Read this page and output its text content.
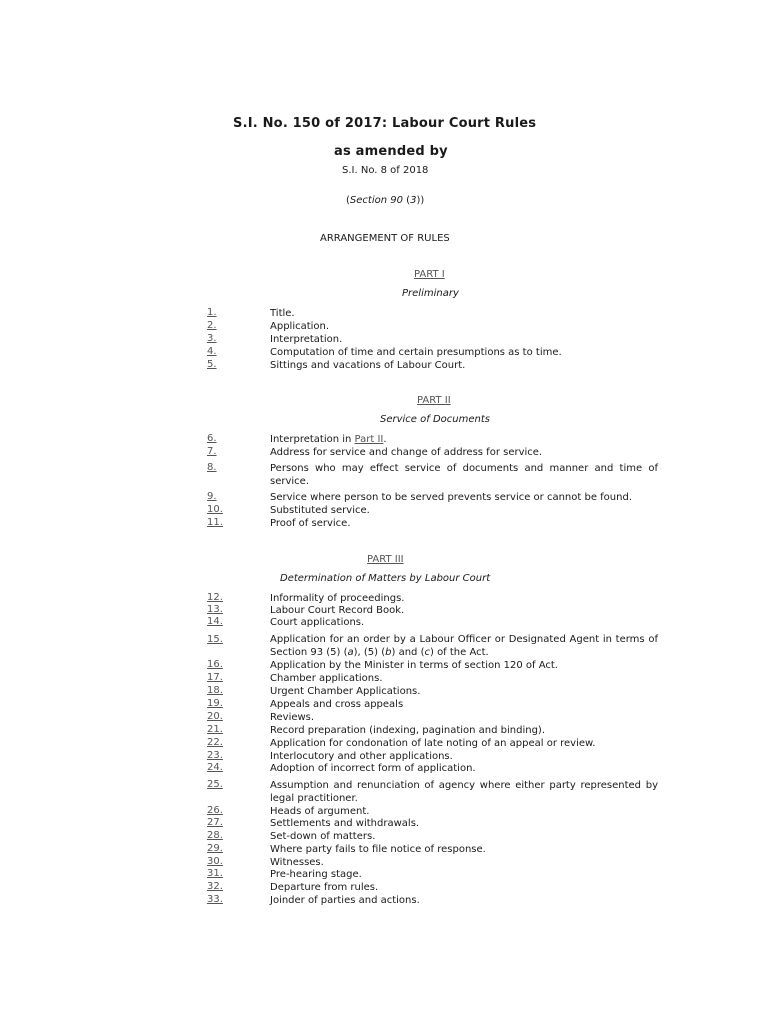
S.I. No. 150 of 2017: Labour Court Rules
as amended by
S.I. No. 8 of 2018
(Section 90 (3))
ARRANGEMENT OF RULES
PART I
Preliminary
1.	Title.
2.	Application.
3.	Interpretation.
4.	Computation of time and certain presumptions as to time.
5.	Sittings and vacations of Labour Court.
PART II
Service of Documents
6.	Interpretation in Part II.
7.	Address for service and change of address for service.
8.	Persons who may effect service of documents and manner and time of service.
9.	Service where person to be served prevents service or cannot be found.
10.	Substituted service.
11.	Proof of service.
PART III
Determination of Matters by Labour Court
12.	Informality of proceedings.
13.	Labour Court Record Book.
14.	Court applications.
15.	Application for an order by a Labour Officer or Designated Agent in terms of Section 93 (5) (a), (5) (b) and (c) of the Act.
16.	Application by the Minister in terms of section 120 of Act.
17.	Chamber applications.
18.	Urgent Chamber Applications.
19.	Appeals and cross appeals
20.	Reviews.
21.	Record preparation (indexing, pagination and binding).
22.	Application for condonation of late noting of an appeal or review.
23.	Interlocutory and other applications.
24.	Adoption of incorrect form of application.
25.	Assumption and renunciation of agency where either party represented by legal practitioner.
26.	Heads of argument.
27.	Settlements and withdrawals.
28.	Set-down of matters.
29.	Where party fails to file notice of response.
30.	Witnesses.
31.	Pre-hearing stage.
32.	Departure from rules.
33.	Joinder of parties and actions.
